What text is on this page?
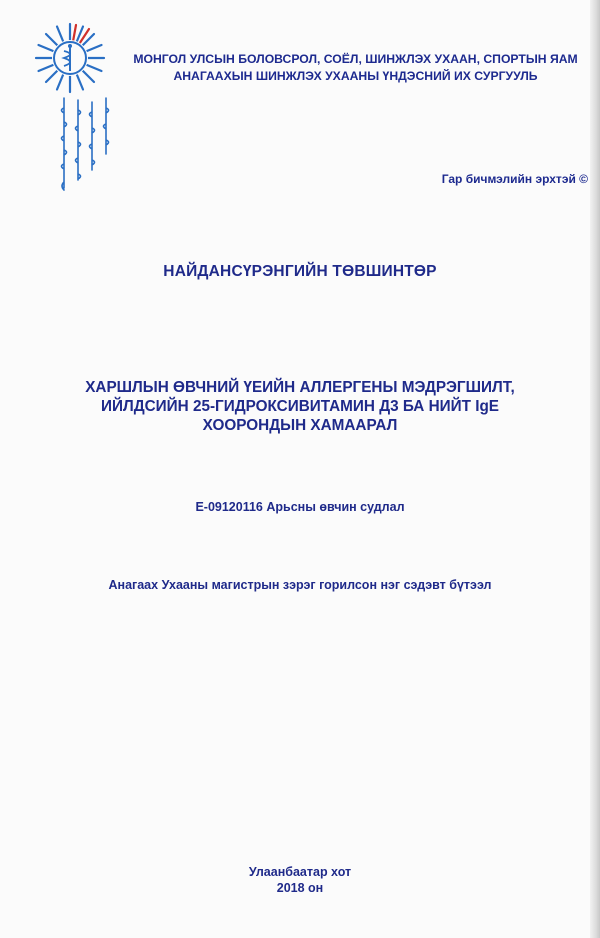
МОНГОЛ УЛСЫН БОЛОВСРОЛ, СОЁЛ, ШИНЖЛЭХ УХААН, СПОРТЫН ЯАМ
АНАГААХЫН ШИНЖЛЭХ УХААНЫ ҮНДЭСНИЙ ИХ СУРГУУЛЬ
Гар бичмэлийн эрхтэй ©
НАЙДАНСҮРЭНГИЙН ТӨВШИНТӨР
ХАРШЛЫН ӨВЧНИЙ ҮЕИЙН АЛЛЕРГЕНЫ МЭДРЭГШИЛТ,
ИЙЛДСИЙН 25-ГИДРОКСИВИТАМИН Д3 БА НИЙТ IgE
ХООРОНДЫН ХАМААРАЛ
E-09120116 Арьсны өвчин судлал
Анагаах Ухааны магистрын зэрэг горилсон нэг сэдэвт бүтээл
Улаанбаатар хот
2018 он
